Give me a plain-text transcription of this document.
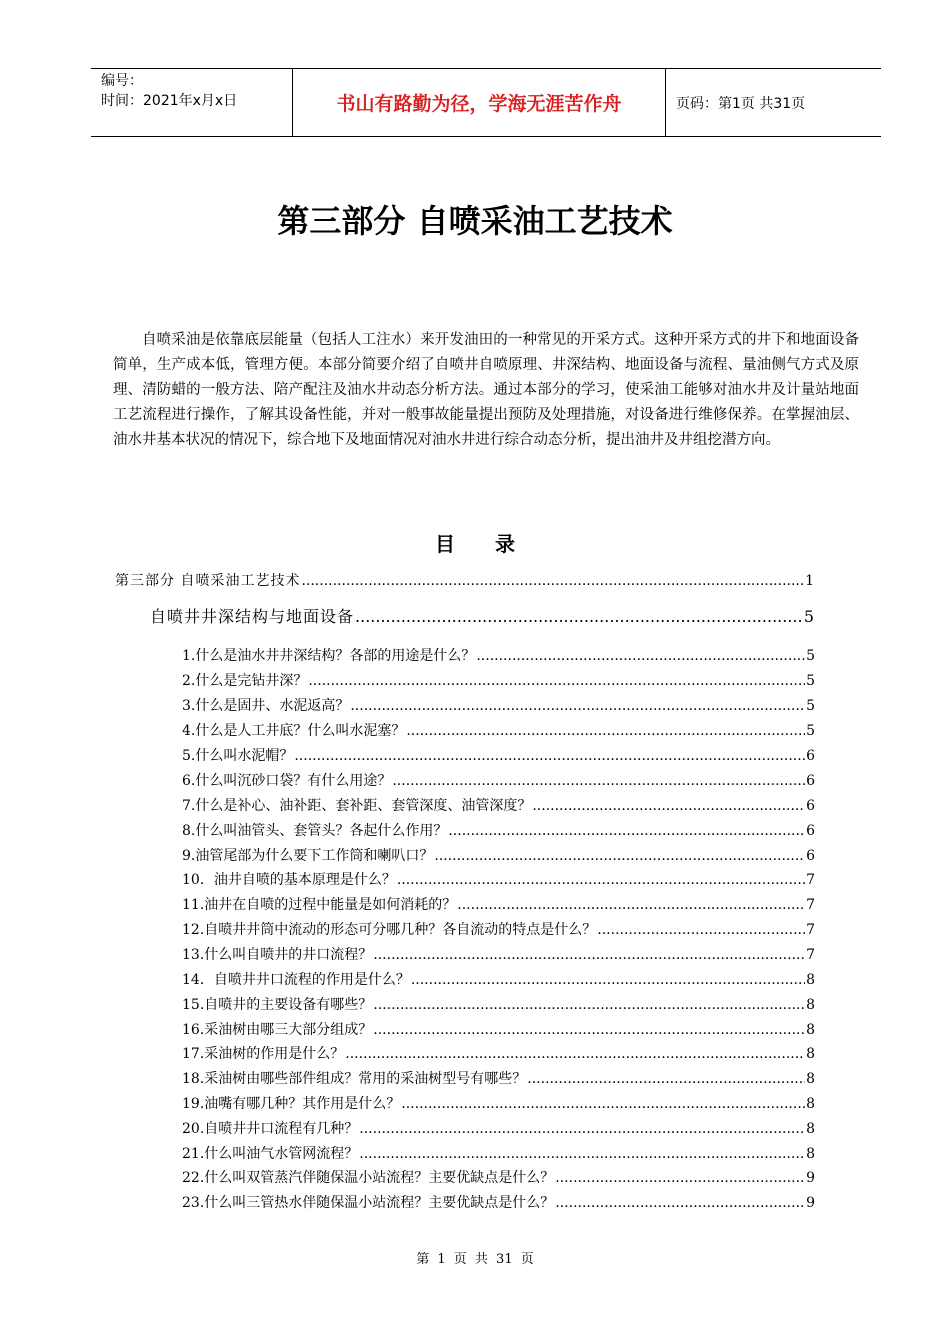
编号：
时间：2021年x月x日	书山有路勤为径，学海无涯苦作舟	页码：第1页 共31页
第三部分 自喷采油工艺技术

自喷采油是依靠底层能量（包括人工注水）来开发油田的一种常见的开采方式。这种开采方式的井下和地面设备简单，生产成本低，管理方便。本部分简要介绍了自喷井自喷原理、井深结构、地面设备与流程、量油侧气方式及原理、清防蜡的一般方法、陪产配注及油水井动态分析方法。通过本部分的学习，使采油工能够对油水井及计量站地面工艺流程进行操作，了解其设备性能，并对一般事故能量提出预防及处理措施，对设备进行维修保养。在掌握油层、油水井基本状况的情况下，综合地下及地面情况对油水井进行综合动态分析，提出油井及井组挖潜方向。

目录
第三部分 自喷采油工艺技术 .....	1
自喷井井深结构与地面设备 .....	5
1.什么是油水井井深结构？各部的用途是什么？ .....	5
2.什么是完钻井深？ .....	5
3.什么是固井、水泥返高？ .....	5
4.什么是人工井底？什么叫水泥塞？ .....	5
5.什么叫水泥帽？ .....	6
6.什么叫沉砂口袋？有什么用途？ .....	6
7.什么是补心、油补距、套补距、套管深度、油管深度？ .....	6
8.什么叫油管头、套管头？各起什么作用？ .....	6
9.油管尾部为什么要下工作筒和喇叭口？ .....	6
10．油井自喷的基本原理是什么？ .....	7
11.油井在自喷的过程中能量是如何消耗的？ .....	7
12.自喷井井筒中流动的形态可分哪几种？各自流动的特点是什么？ .....	7
13.什么叫自喷井的井口流程？ .....	7
14．自喷井井口流程的作用是什么？ .....	8
15.自喷井的主要设备有哪些？ .....	8
16.采油树由哪三大部分组成？ .....	8
17.采油树的作用是什么？ .....	8
18.采油树由哪些部件组成？常用的采油树型号有哪些？ .....	8
19.油嘴有哪几种？其作用是什么？ .....	8
20.自喷井井口流程有几种？ .....	8
21.什么叫油气水管网流程？ .....	8
22.什么叫双管蒸汽伴随保温小站流程？主要优缺点是什么？ .....	9
23.什么叫三管热水伴随保温小站流程？主要优缺点是什么？ .....	9
第 1 页 共 31 页
